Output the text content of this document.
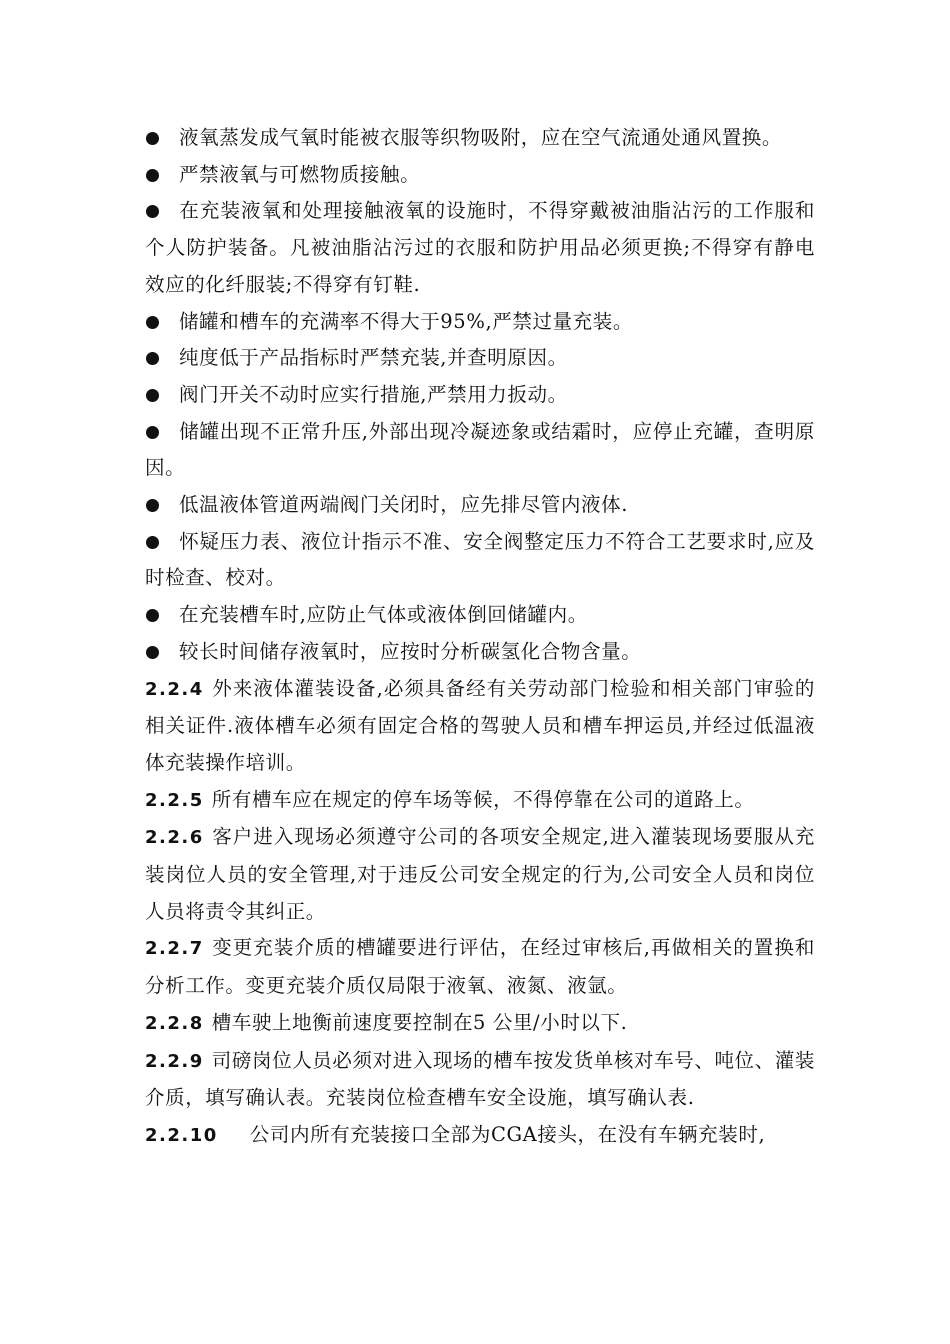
液氧蒸发成气氧时能被衣服等织物吸附，应在空气流通处通风置换。

严禁液氧与可燃物质接触。

在充装液氧和处理接触液氧的设施时，不得穿戴被油脂沾污的工作服和个人防护装备。凡被油脂沾污过的衣服和防护用品必须更换;不得穿有静电效应的化纤服装;不得穿有钉鞋.

储罐和槽车的充满率不得大于95%,严禁过量充装。

纯度低于产品指标时严禁充装,并查明原因。

阀门开关不动时应实行措施,严禁用力扳动。

储罐出现不正常升压,外部出现冷凝迹象或结霜时，应停止充罐，查明原因。

低温液体管道两端阀门关闭时，应先排尽管内液体.

怀疑压力表、液位计指示不准、安全阀整定压力不符合工艺要求时,应及时检查、校对。

在充装槽车时,应防止气体或液体倒回储罐内。

较长时间储存液氧时，应按时分析碳氢化合物含量。

2.2.4 外来液体灌装设备,必须具备经有关劳动部门检验和相关部门审验的相关证件.液体槽车必须有固定合格的驾驶人员和槽车押运员,并经过低温液体充装操作培训。

2.2.5 所有槽车应在规定的停车场等候，不得停靠在公司的道路上。

2.2.6 客户进入现场必须遵守公司的各项安全规定,进入灌装现场要服从充装岗位人员的安全管理,对于违反公司安全规定的行为,公司安全人员和岗位人员将责令其纠正。

2.2.7 变更充装介质的槽罐要进行评估，在经过审核后,再做相关的置换和分析工作。变更充装介质仅局限于液氧、液氮、液氩。

2.2.8 槽车驶上地衡前速度要控制在5 公里/小时以下.

2.2.9 司磅岗位人员必须对进入现场的槽车按发货单核对车号、吨位、灌装介质，填写确认表。充装岗位检查槽车安全设施，填写确认表.

2.2.10 公司内所有充装接口全部为CGA接头，在没有车辆充装时,
